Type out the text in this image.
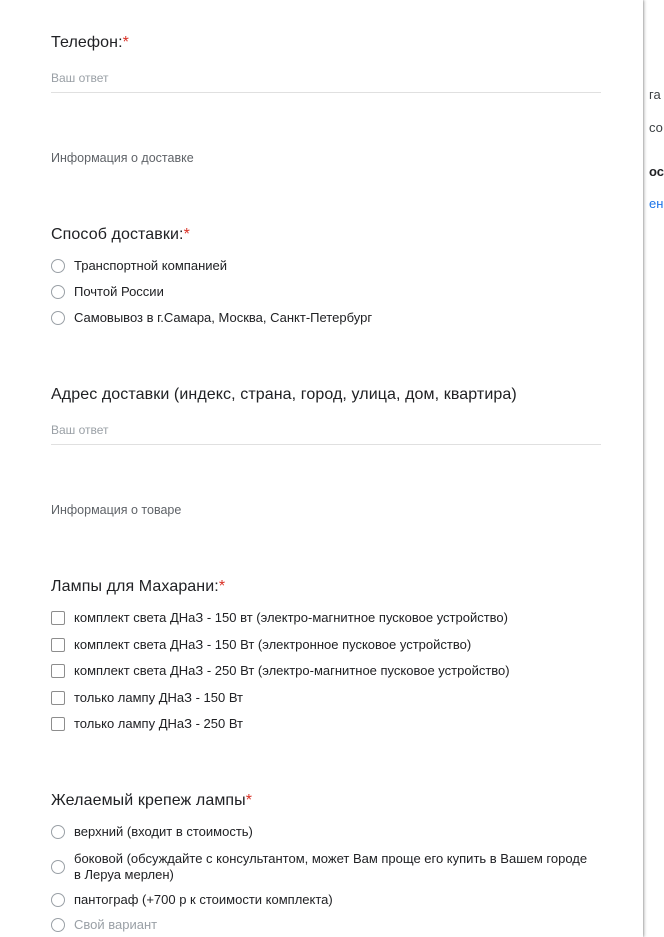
га
со
ос
ен
Телефон:*
Ваш ответ
Информация о доставке
Способ доставки:*
Транспортной компанией
Почтой России
Самовывоз в г.Самара, Москва, Санкт-Петербург
Адрес доставки (индекс, страна, город, улица, дом, квартира)
Ваш ответ
Информация о товаре
Лампы для Махарани:*
комплект света ДНаЗ - 150 вт (электро-магнитное пусковое устройство)
комплект света ДНаЗ - 150 Вт (электронное пусковое устройство)
комплект света ДНаЗ - 250 Вт (электро-магнитное пусковое устройство)
только лампу ДНаЗ - 150 Вт
только лампу ДНаЗ - 250 Вт
Желаемый крепеж лампы*
верхний (входит в стоимость)
боковой (обсуждайте с консультантом, может Вам проще его купить в Вашем городе в Леруа мерлен)
пантограф (+700 р к стоимости комплекта)
Свой вариант
